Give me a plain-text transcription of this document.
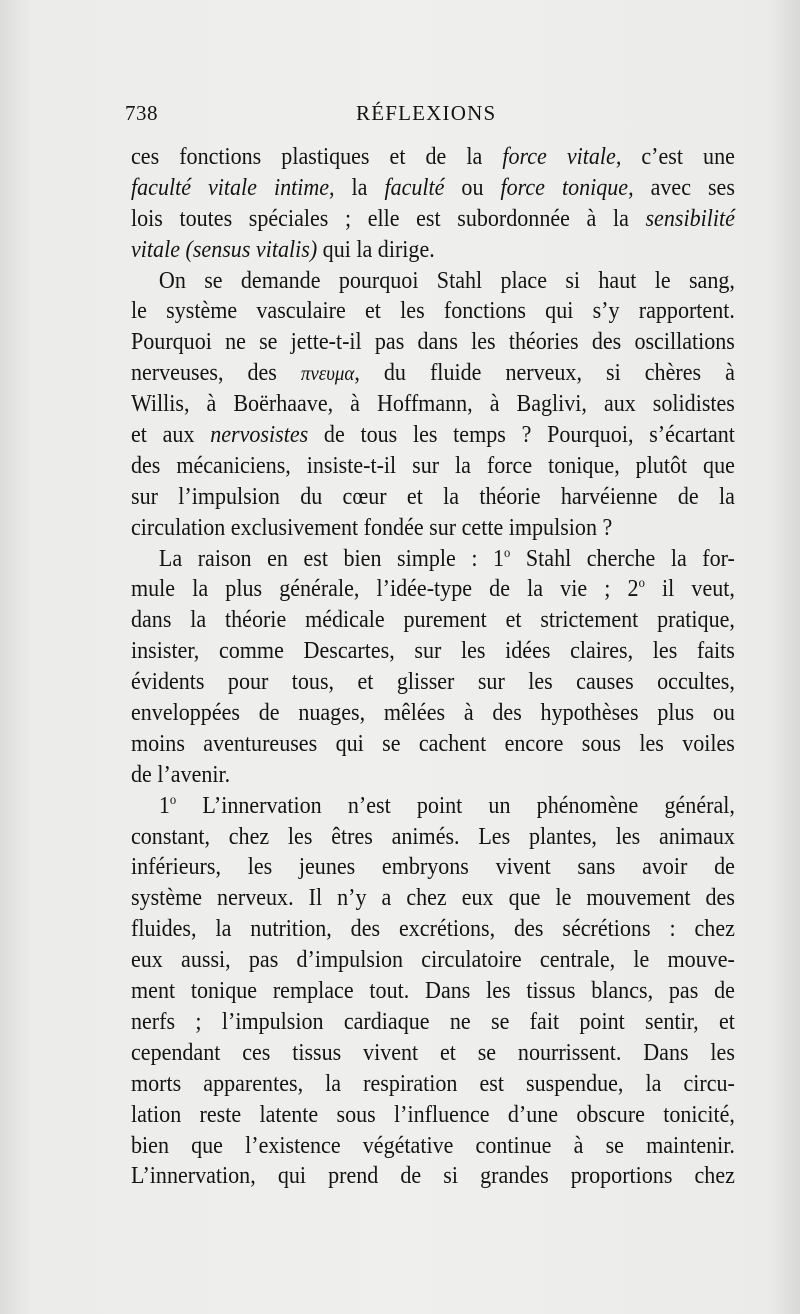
738	RÉFLEXIONS
ces fonctions plastiques et de la force vitale, c’est une
faculté vitale intime, la faculté ou force tonique, avec ses
lois toutes spéciales ; elle est subordonnée à la sensibilité
vitale (sensus vitalis) qui la dirige.
On se demande pourquoi Stahl place si haut le sang,
le système vasculaire et les fonctions qui s’y rapportent.
Pourquoi ne se jette-t-il pas dans les théories des oscillations
nerveuses, des πνευμα, du fluide nerveux, si chères à
Willis, à Boërhaave, à Hoffmann, à Baglivi, aux solidistes
et aux nervosistes de tous les temps ? Pourquoi, s’écartant
des mécaniciens, insiste-t-il sur la force tonique, plutôt que
sur l’impulsion du cœur et la théorie harvéienne de la
circulation exclusivement fondée sur cette impulsion ?
La raison en est bien simple : 1$^o$ Stahl cherche la for-
mule la plus générale, l’idée-type de la vie ; 2$^o$ il veut,
dans la théorie médicale purement et strictement pratique,
insister, comme Descartes, sur les idées claires, les faits
évidents pour tous, et glisser sur les causes occultes,
enveloppées de nuages, mêlées à des hypothèses plus ou
moins aventureuses qui se cachent encore sous les voiles
de l’avenir.
1$^o$ L’innervation n’est point un phénomène général,
constant, chez les êtres animés. Les plantes, les animaux
inférieurs, les jeunes embryons vivent sans avoir de
système nerveux. Il n’y a chez eux que le mouvement des
fluides, la nutrition, des excrétions, des sécrétions : chez
eux aussi, pas d’impulsion circulatoire centrale, le mouve-
ment tonique remplace tout. Dans les tissus blancs, pas de
nerfs ; l’impulsion cardiaque ne se fait point sentir, et
cependant ces tissus vivent et se nourrissent. Dans les
morts apparentes, la respiration est suspendue, la circu-
lation reste latente sous l’influence d’une obscure tonicité,
bien que l’existence végétative continue à se maintenir.
L’innervation, qui prend de si grandes proportions chez
